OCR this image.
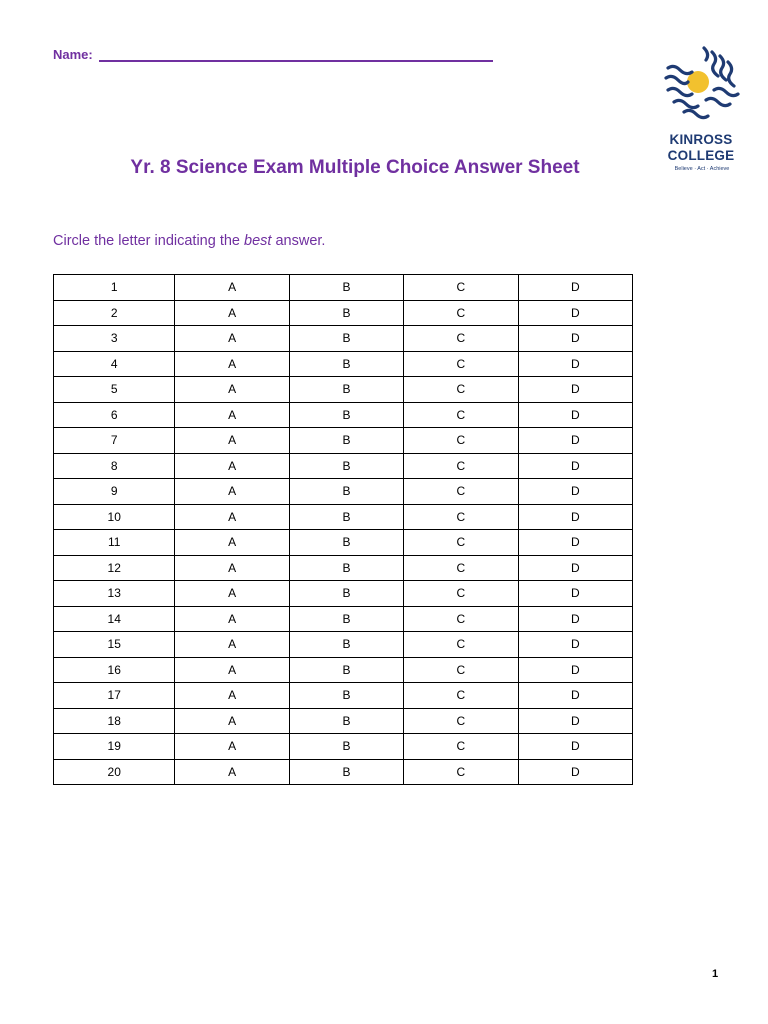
Name:
KINROSS
COLLEGE
Believe · Act · Achieve
Yr. 8 Science Exam Multiple Choice Answer Sheet
Circle the letter indicating the best answer.
1	A	B	C	D
2	A	B	C	D
3	A	B	C	D
4	A	B	C	D
5	A	B	C	D
6	A	B	C	D
7	A	B	C	D
8	A	B	C	D
9	A	B	C	D
10	A	B	C	D
11	A	B	C	D
12	A	B	C	D
13	A	B	C	D
14	A	B	C	D
15	A	B	C	D
16	A	B	C	D
17	A	B	C	D
18	A	B	C	D
19	A	B	C	D
20	A	B	C	D
1
